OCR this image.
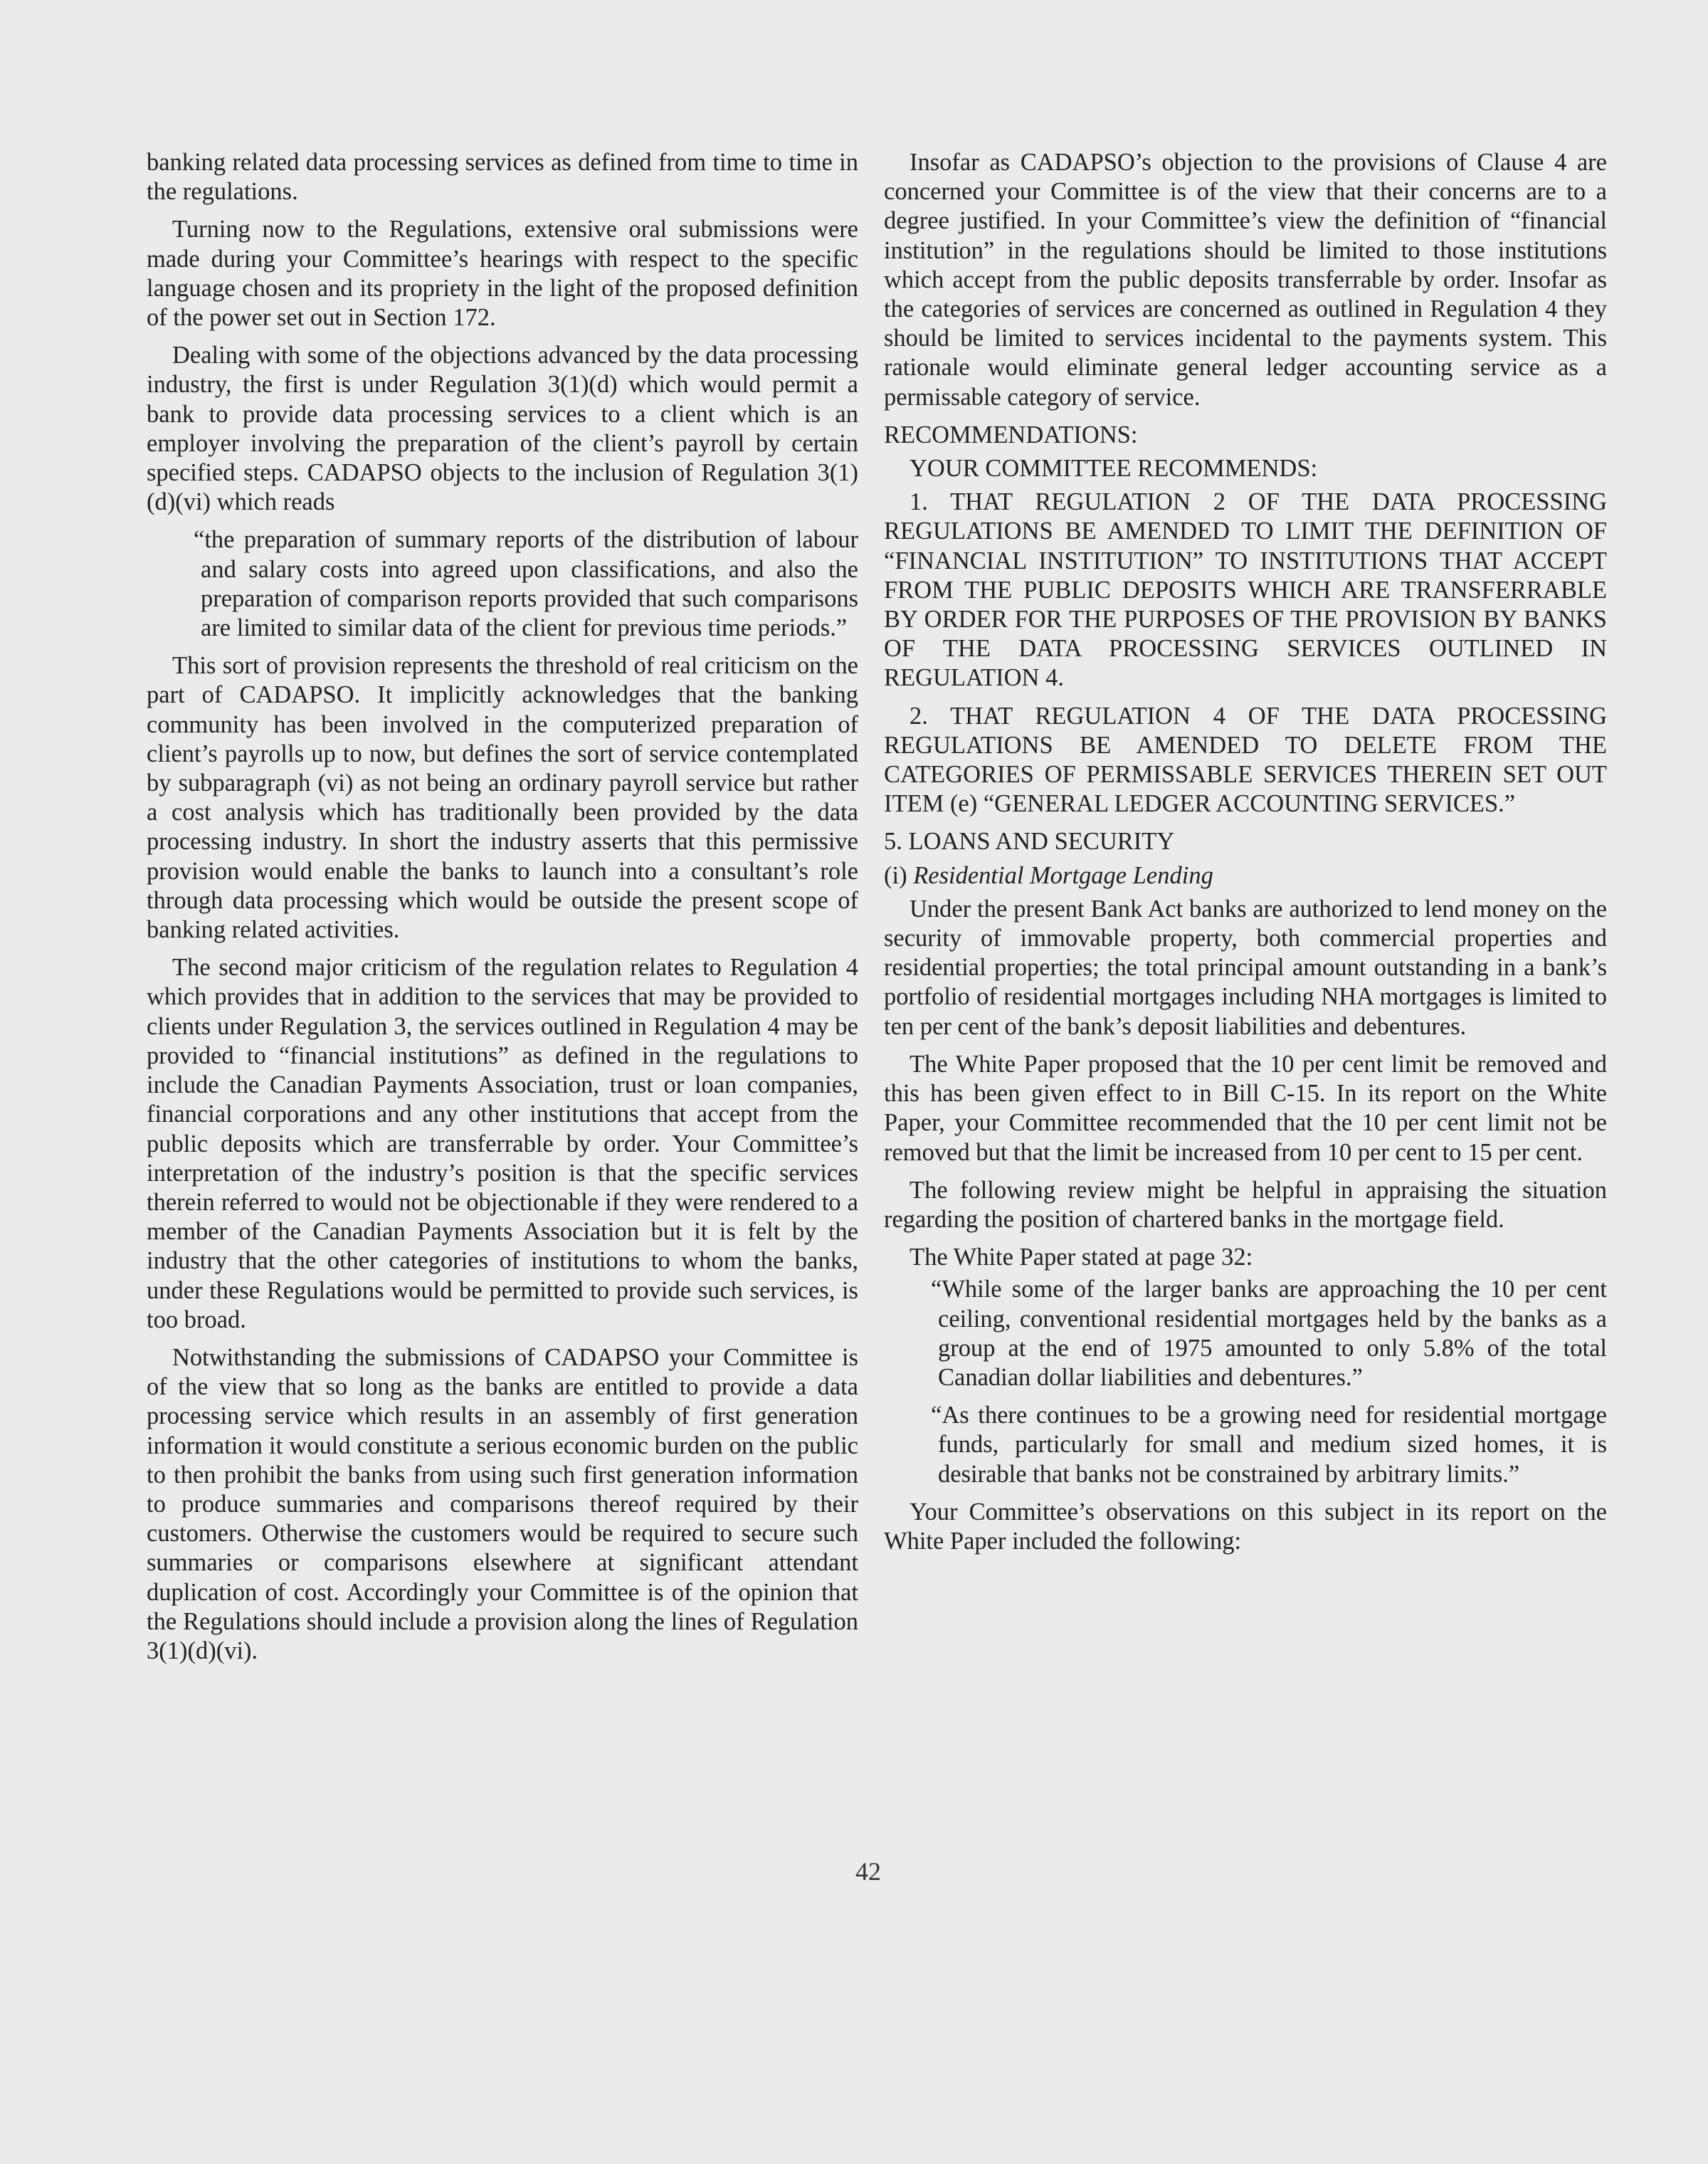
banking related data processing services as defined from time to time in the regulations.

Turning now to the Regulations, extensive oral submissions were made during your Committee’s hearings with respect to the specific language chosen and its propriety in the light of the proposed definition of the power set out in Section 172.

Dealing with some of the objections advanced by the data processing industry, the first is under Regulation 3(1)(d) which would permit a bank to provide data processing services to a client which is an employer involving the preparation of the client’s payroll by certain specified steps. CADAPSO objects to the inclusion of Regulation 3(1)(d)(vi) which reads

“the preparation of summary reports of the distribution of labour and salary costs into agreed upon classifications, and also the preparation of comparison reports provided that such comparisons are limited to similar data of the client for previous time periods.”

This sort of provision represents the threshold of real criticism on the part of CADAPSO. It implicitly acknowledges that the banking community has been involved in the computerized preparation of client’s payrolls up to now, but defines the sort of service contemplated by subparagraph (vi) as not being an ordinary payroll service but rather a cost analysis which has traditionally been provided by the data processing industry. In short the industry asserts that this permissive provision would enable the banks to launch into a consultant’s role through data processing which would be outside the present scope of banking related activities.

The second major criticism of the regulation relates to Regulation 4 which provides that in addition to the services that may be provided to clients under Regulation 3, the services outlined in Regulation 4 may be provided to “financial institutions” as defined in the regulations to include the Canadian Payments Association, trust or loan companies, financial corporations and any other institutions that accept from the public deposits which are transferrable by order. Your Committee’s interpretation of the industry’s position is that the specific services therein referred to would not be objectionable if they were rendered to a member of the Canadian Payments Association but it is felt by the industry that the other categories of institutions to whom the banks, under these Regulations would be permitted to provide such services, is too broad.

Notwithstanding the submissions of CADAPSO your Committee is of the view that so long as the banks are entitled to provide a data processing service which results in an assembly of first generation information it would constitute a serious economic burden on the public to then prohibit the banks from using such first generation information to produce summaries and comparisons thereof required by their customers. Otherwise the customers would be required to secure such summaries or comparisons elsewhere at significant attendant duplication of cost. Accordingly your Committee is of the opinion that the Regulations should include a provision along the lines of Regulation 3(1)(d)(vi).

Insofar as CADAPSO’s objection to the provisions of Clause 4 are concerned your Committee is of the view that their concerns are to a degree justified. In your Committee’s view the definition of “financial institution” in the regulations should be limited to those institutions which accept from the public deposits transferrable by order. Insofar as the categories of services are concerned as outlined in Regulation 4 they should be limited to services incidental to the payments system. This rationale would eliminate general ledger accounting service as a permissable category of service.

RECOMMENDATIONS:

YOUR COMMITTEE RECOMMENDS:

1. THAT REGULATION 2 OF THE DATA PROCESSING REGULATIONS BE AMENDED TO LIMIT THE DEFINITION OF “FINANCIAL INSTITUTION” TO INSTITUTIONS THAT ACCEPT FROM THE PUBLIC DEPOSITS WHICH ARE TRANSFERRABLE BY ORDER FOR THE PURPOSES OF THE PROVISION BY BANKS OF THE DATA PROCESSING SERVICES OUTLINED IN REGULATION 4.

2. THAT REGULATION 4 OF THE DATA PROCESSING REGULATIONS BE AMENDED TO DELETE FROM THE CATEGORIES OF PERMISSABLE SERVICES THEREIN SET OUT ITEM (e) “GENERAL LEDGER ACCOUNTING SERVICES.”

5. LOANS AND SECURITY

(i) Residential Mortgage Lending

Under the present Bank Act banks are authorized to lend money on the security of immovable property, both commercial properties and residential properties; the total principal amount outstanding in a bank’s portfolio of residential mortgages including NHA mortgages is limited to ten per cent of the bank’s deposit liabilities and debentures.

The White Paper proposed that the 10 per cent limit be removed and this has been given effect to in Bill C-15. In its report on the White Paper, your Committee recommended that the 10 per cent limit not be removed but that the limit be increased from 10 per cent to 15 per cent.

The following review might be helpful in appraising the situation regarding the position of chartered banks in the mortgage field.

The White Paper stated at page 32:

“While some of the larger banks are approaching the 10 per cent ceiling, conventional residential mortgages held by the banks as a group at the end of 1975 amounted to only 5.8% of the total Canadian dollar liabilities and debentures.”

“As there continues to be a growing need for residential mortgage funds, particularly for small and medium sized homes, it is desirable that banks not be constrained by arbitrary limits.”

Your Committee’s observations on this subject in its report on the White Paper included the following:

42
